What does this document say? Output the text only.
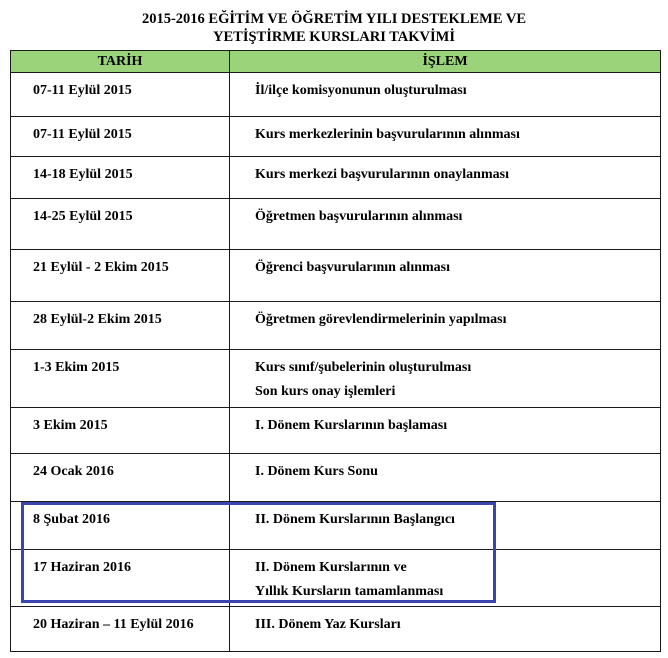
2015-2016 EĞİTİM VE ÖĞRETİM YILI DESTEKLEME VE
YETİŞTİRME KURSLARI TAKVİMİ
TARİH	İŞLEM

07-11 Eylül 2015	İl/ilçe komisyonunun oluşturulması

07-11 Eylül 2015	Kurs merkezlerinin başvurularının alınması

14-18 Eylül 2015	Kurs merkezi başvurularının onaylanması

14-25 Eylül 2015	Öğretmen başvurularının alınması

21 Eylül - 2 Ekim 2015	Öğrenci başvurularının alınması

28 Eylül-2 Ekim 2015	Öğretmen görevlendirmelerinin yapılması

1-3 Ekim 2015	Kurs sınıf/şubelerinin oluşturulması
Son kurs onay işlemleri

3 Ekim 2015	I. Dönem Kurslarının başlaması

24 Ocak 2016	I. Dönem Kurs Sonu

8 Şubat 2016	II. Dönem Kurslarının Başlangıcı

17 Haziran 2016	II. Dönem Kurslarının ve
Yıllık Kursların tamamlanması

20 Haziran – 11 Eylül 2016	III. Dönem Yaz Kursları
